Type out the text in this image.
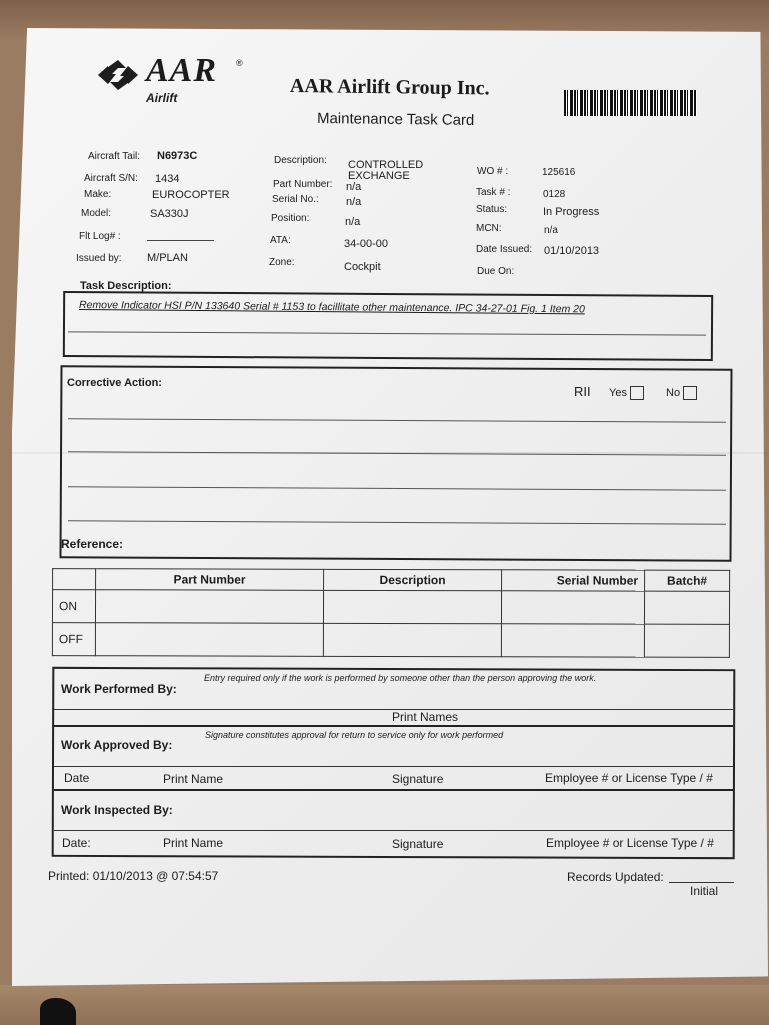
AAR ®
Airlift	AAR Airlift Group Inc.
Maintenance Task Card
Aircraft Tail: N6973C
Aircraft S/N: 1434
Make:	EUROCOPTER
Model:	SA330J
Flt Log# :
Issued by: M/PLAN
Description: CONTROLLED
EXCHANGE
Part Number: n/a
Serial No.: n/a
Position:	n/a
ATA:	34-00-00
Zone:	Cockpit
WO # :	125616
Task # :	0128
Status:	In Progress
MCN:	n/a
Date Issued: 01/10/2013
Due On:
Task Description:
Remove Indicator HSI P/N 133640 Serial # 1153 to facillitate other maintenance. IPC 34-27-01 Fig. 1 Item 20
Corrective Action:
RII Yes	No
Reference:
	Part Number	Description	Serial Number	Batch#
ON				
OFF				
Entry required only if the work is performed by someone other than the person approving the work.
Work Performed By:
Print Names
Signature constitutes approval for return to service only for work performed
Work Approved By:
Date	Print Name	Signature	Employee # or License Type / #
Work Inspected By:
Date:	Print Name	Signature	Employee # or License Type / #
Printed: 01/10/2013 @ 07:54:57	Records Updated:
Initial
